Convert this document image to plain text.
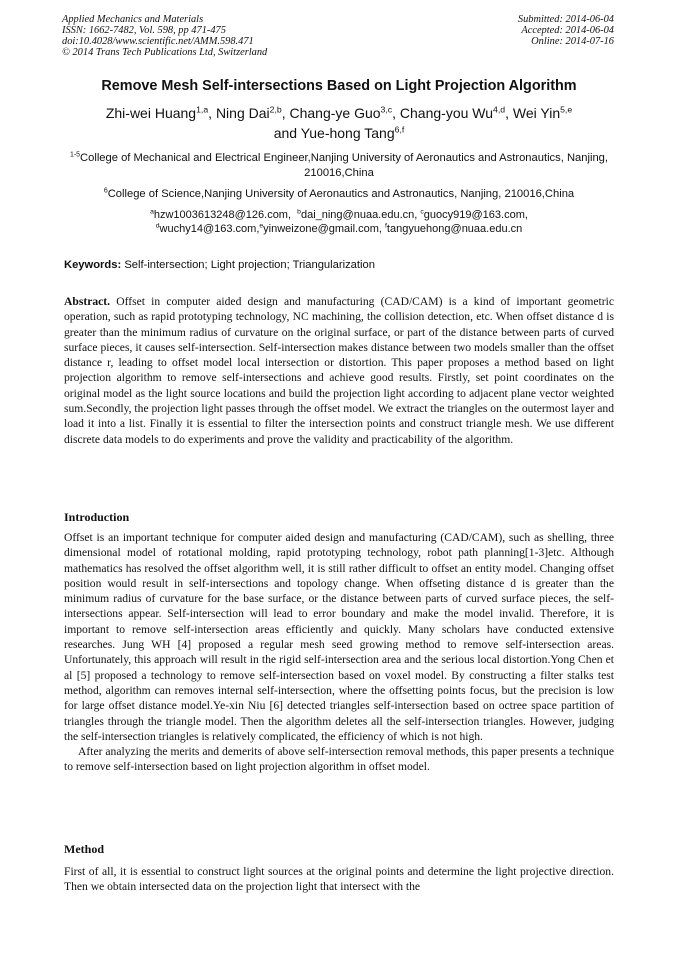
Applied Mechanics and Materials
ISSN: 1662-7482, Vol. 598, pp 471-475
doi:10.4028/www.scientific.net/AMM.598.471
© 2014 Trans Tech Publications Ltd, Switzerland
Submitted: 2014-06-04
Accepted: 2014-06-04
Online: 2014-07-16
Remove Mesh Self-intersections Based on Light Projection Algorithm
Zhi-wei Huang$^{1,a}$, Ning Dai$^{2,b}$, Chang-ye Guo$^{3,c}$, Chang-you Wu$^{4,d}$, Wei Yin$^{5,e}$
and Yue-hong Tang$^{6,f}$
$^{1-5}$College of Mechanical and Electrical Engineer,Nanjing University of Aeronautics and Astronautics, Nanjing, 210016,China
$^6$College of Science,Nanjing University of Aeronautics and Astronautics, Nanjing, 210016,China
$^a$hzw1003613248@126.com, $^b$dai_ning@nuaa.edu.cn, $^c$guocy919@163.com,
$^d$wuchy14@163.com,$^e$yinweizone@gmail.com, $^f$tangyuehong@nuaa.edu.cn
Keywords: Self-intersection; Light projection; Triangularization

Abstract. Offset in computer aided design and manufacturing (CAD/CAM) is a kind of important geometric operation, such as rapid prototyping technology, NC machining, the collision detection, etc. When offset distance d is greater than the minimum radius of curvature on the original surface, or part of the distance between parts of curved surface pieces, it causes self-intersection. Self-intersection makes distance between two models smaller than the offset distance r, leading to offset model local intersection or distortion. This paper proposes a method based on light projection algorithm to remove self-intersections and achieve good results. Firstly, set point coordinates on the original model as the light source locations and build the projection light according to adjacent plane vector weighted sum.Secondly, the projection light passes through the offset model. We extract the triangles on the outermost layer and load it into a list. Finally it is essential to filter the intersection points and construct triangle mesh. We use different discrete data models to do experiments and prove the validity and practicability of the algorithm.

Introduction

Offset is an important technique for computer aided design and manufacturing (CAD/CAM), such as shelling, three dimensional model of rotational molding, rapid prototyping technology, robot path planning[1-3]etc. Although mathematics has resolved the offset algorithm well, it is still rather difficult to offset an entity model. Changing offset position would result in self-intersections and topology change. When offseting distance d is greater than the minimum radius of curvature for the base surface, or the distance between parts of curved surface pieces, the self-intersections appear. Self-intersection will lead to error boundary and make the model invalid. Therefore, it is important to remove self-intersection areas efficiently and quickly. Many scholars have conducted extensive researches. Jung WH [4] proposed a regular mesh seed growing method to remove self-intersection areas. Unfortunately, this approach will result in the rigid self-intersection area and the serious local distortion.Yong Chen et al [5] proposed a technology to remove self-intersection based on voxel model. By constructing a filter stalks test method, algorithm can removes internal self-intersection, where the offsetting points focus, but the precision is low for large offset distance model.Ye-xin Niu [6] detected triangles self-intersection based on octree space partition of triangles through the triangle model. Then the algorithm deletes all the self-intersection triangles. However, judging the self-intersection triangles is relatively complicated, the efficiency of which is not high.

After analyzing the merits and demerits of above self-intersection removal methods, this paper presents a technique to remove self-intersection based on light projection algorithm in offset model.

Method

First of all, it is essential to construct light sources at the original points and determine the light projective direction. Then we obtain intersected data on the projection light that intersect with the
